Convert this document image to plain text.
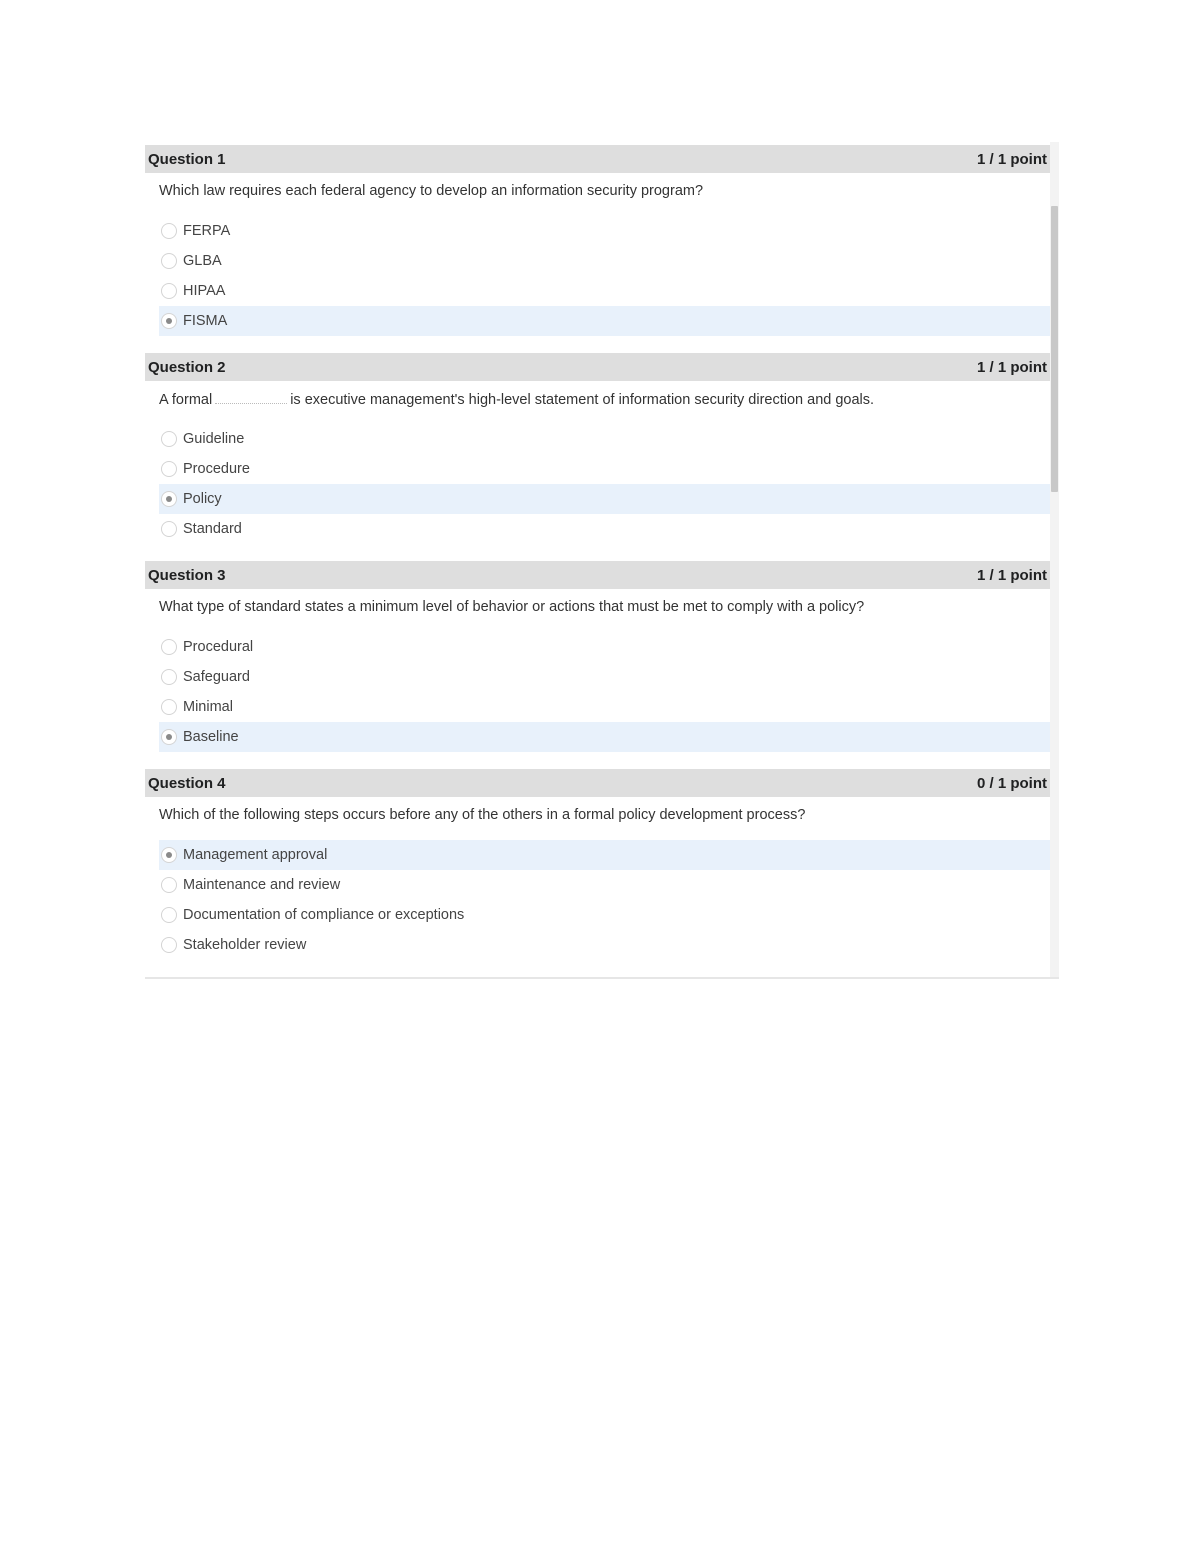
Question 1	1 / 1 point
Which law requires each federal agency to develop an information security program?
FERPA
GLBA
HIPAA
FISMA
Question 2	1 / 1 point
A formal	is executive management's high-level statement of information security direction and goals.
Guideline
Procedure
Policy
Standard
Question 3	1 / 1 point
What type of standard states a minimum level of behavior or actions that must be met to comply with a policy?
Procedural
Safeguard
Minimal
Baseline
Question 4	0 / 1 point
Which of the following steps occurs before any of the others in a formal policy development process?
Management approval
Maintenance and review
Documentation of compliance or exceptions
Stakeholder review
